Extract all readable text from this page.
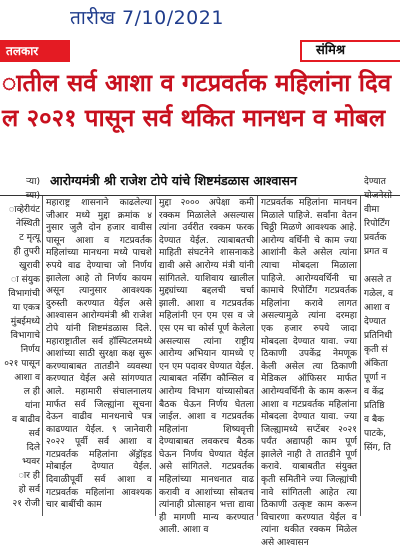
तारीख 7/10/2021
तलकार	संमिश्र
ातील सर्व आशा व गटप्रवर्तक महिलांना दिव
ल २०२१ पासून सर्व थकित मानधन व मोबल
आरोग्यमंत्री श्री राजेश टोपे यांचे शिष्टमंडळास आश्वासन
ऱ्या)
व्या)
ाव्हेरीयंट
नेस्थिती
ट मृत्यू
ही तुपरी
खुरावी
ा संयुक
विभागांची
या एकत्र
मुंबईमध्ये
विभागाचे
निर्णय
०२१ पासून
आशा व
ल ही
यांना
व बाढीव
सर्व
दिले
भ्यवर
ार ही
हो सर्व
२१ रोजी
देण्यात
योजनेसो
वीमा
रिपोर्टिंग
प्रवर्तक
प्रगत व
असले त
गळेल, व
आशा व
देण्यात
प्रतिनिधी
कृती सं
अंकिता
पूर्णा न
व केंद्र
प्रतिष्ठि
व बैक
पाटके,
सिंग, ति
महाराष्ट्र शासनाने काढलेल्या जीआर मध्ये मुद्दा क्रमांक ४ नुसार जुलै दोन हजार वावीस पासून आशा व गटप्रवर्तक महिलांच्या मानधना मध्ये पाचशे रुपये वाढ देण्याचा जो निर्णय झालेला आहे तो निर्णय कायम असून त्यानुसार आवश्यक दुरुस्ती करण्यात येईल असे आश्वासन आरोग्यमंत्री श्री राजेश टोपे यांनी शिष्टमंडळास दिले. महाराष्ट्रातील सर्व हॉस्पिटलमध्ये आशांच्या साठी सुरक्षा कक्ष सुरू करण्याबाबत तातडीने व्यवस्था करण्यात येईल असे सांगण्यात आले. महामारी संचालनालय मार्फत सर्व जिल्ह्यांना सूचना देऊन वाढीव मानधनाचे पत्र काढण्यात येईल. ९ जानेवारी २०२२ पूर्वी सर्व आशा व गटप्रवर्तक महिलांना ॲड्रॉइड मोबाईल देण्यात येईल. दिवाळीपूर्वी सर्व आशा व गटप्रवर्तक महिलांना आवश्यक चार बाबींची काम
मुद्दा २००० अपेक्षा कमी रक्कम मिळालेले असल्यास त्यांना उर्वरीत रक्कम फरक देण्यात येईल. त्याबाबतची माहिती संघटनेने शासनाकडे द्यावी असे आरोग्य मंत्री यांनी सांगितले. याशिवाय खालील मुद्द्यांच्या बद्दलची चर्चा झाली. आशा व गटप्रवर्तक महिलांनी एन एम एस व जे एस एम चा कोर्स पूर्ण केलेला असल्यास त्यांना राष्ट्रीय आरोग्य अभियान यामध्ये ए एन एम पदावर घेण्यात येईल. त्याबाबत नर्सिंग कौन्सिल व आरोग्य विभाग यांच्यासोबत बैठक घेऊन निर्णय घेतला जाईल. आशा व गटप्रवर्तक महिलांना शिष्यवृत्ती देण्याबाबत लवकरच बैठक घेऊन निर्णय घेण्यात येईल असे सांगितले. गटप्रवर्तक महिलांच्या मानधनात वाढ करावी व आशांच्या सोबतच त्यांनाही प्रोत्साहन भत्ता द्यावा ही मागणी मान्य करण्यात आली. आशा व
गटप्रवर्तक महिलांना मानधन मिळाले पाहिजे. सर्वांना वेतन चिठ्ठी मिळणे आवश्यक आहे. आरोग्य वर्धिनी चे काम ज्या आशांनी केले असेल त्यांना त्याचा मोबदला मिळाला पाहिजे. आरोग्यवर्धिनी चा कामाचे रिपोर्टिंग गटप्रवर्तक महिलांना करावे लागत असल्यामुळे त्यांना दरमहा एक हजार रुपये जादा मोबदला देण्यात यावा. ज्या ठिकाणी उपकेंद्र नेमणूक केली असेल त्या ठिकाणी मेडिकल ऑफिसर मार्फत आरोग्यवर्धिनी के काम करून आशा व गटप्रवर्तक महिलांना मोबदला देण्यात यावा. ज्या जिल्ह्यामध्ये सप्टेंबर २०२१ पर्यंत अद्यापही काम पूर्ण झालेले नाही ते तातडीने पूर्ण करावे. याबाबतीत संयुक्त कृती समितीने ज्या जिल्ह्यांची नावे सांगितली आहेत त्या ठिकाणी उत्कृष्ट काम करून विचारणा करण्यात येईल व त्यांना थकीत रक्कम मिळेल असे आश्वासन
